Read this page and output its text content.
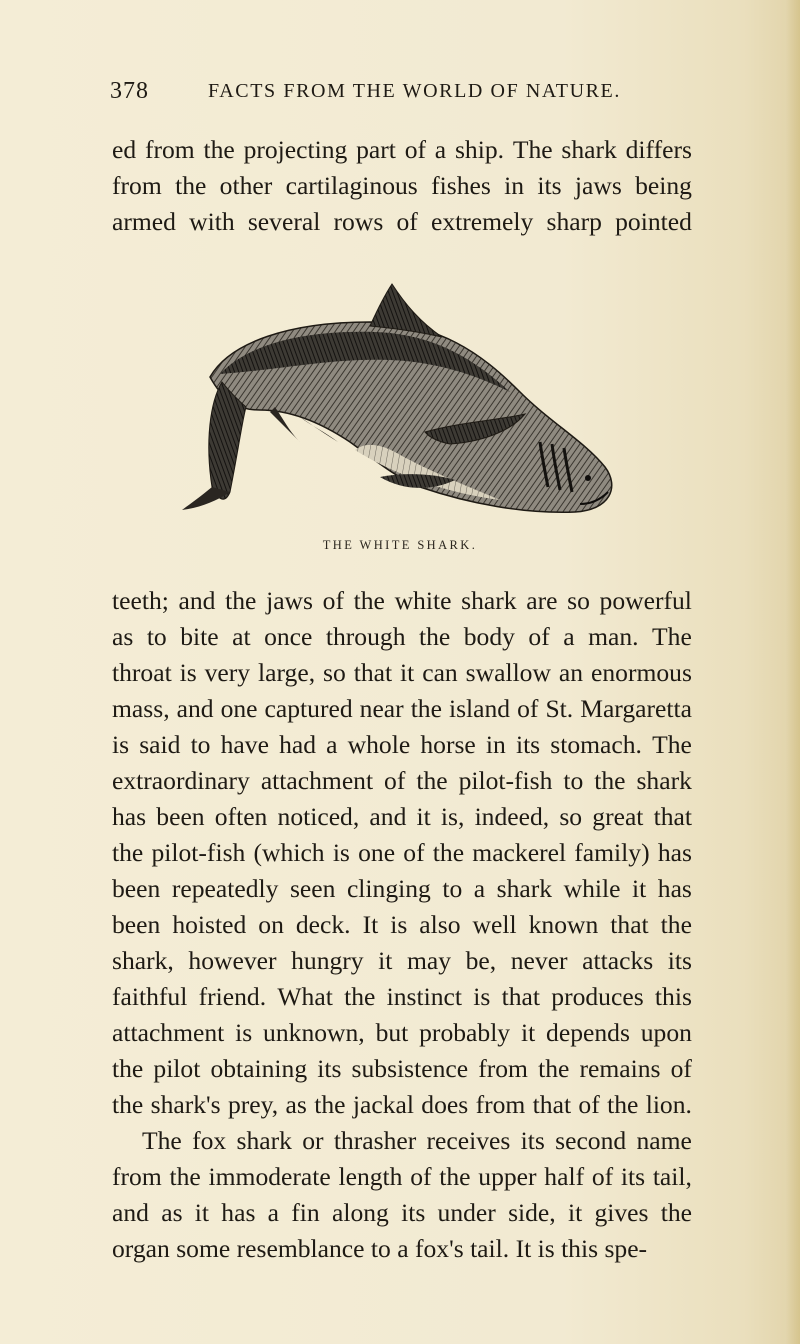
378	FACTS FROM THE WORLD OF NATURE.
ed from the projecting part of a ship. The shark differs
from the other cartilaginous fishes in its jaws being
armed with several rows of extremely sharp pointed
THE WHITE SHARK.
teeth; and the jaws of the white shark are so powerful
as to bite at once through the body of a man. The
throat is very large, so that it can swallow an enormous
mass, and one captured near the island of St. Margaretta
is said to have had a whole horse in its stomach. The
extraordinary attachment of the pilot-fish to the shark
has been often noticed, and it is, indeed, so great that
the pilot-fish (which is one of the mackerel family) has
been repeatedly seen clinging to a shark while it has
been hoisted on deck. It is also well known that the
shark, however hungry it may be, never attacks its
faithful friend. What the instinct is that produces this
attachment is unknown, but probably it depends upon
the pilot obtaining its subsistence from the remains of
the shark's prey, as the jackal does from that of the lion.
The fox shark or thrasher receives its second name
from the immoderate length of the upper half of its tail,
and as it has a fin along its under side, it gives the
organ some resemblance to a fox's tail. It is this spe-
